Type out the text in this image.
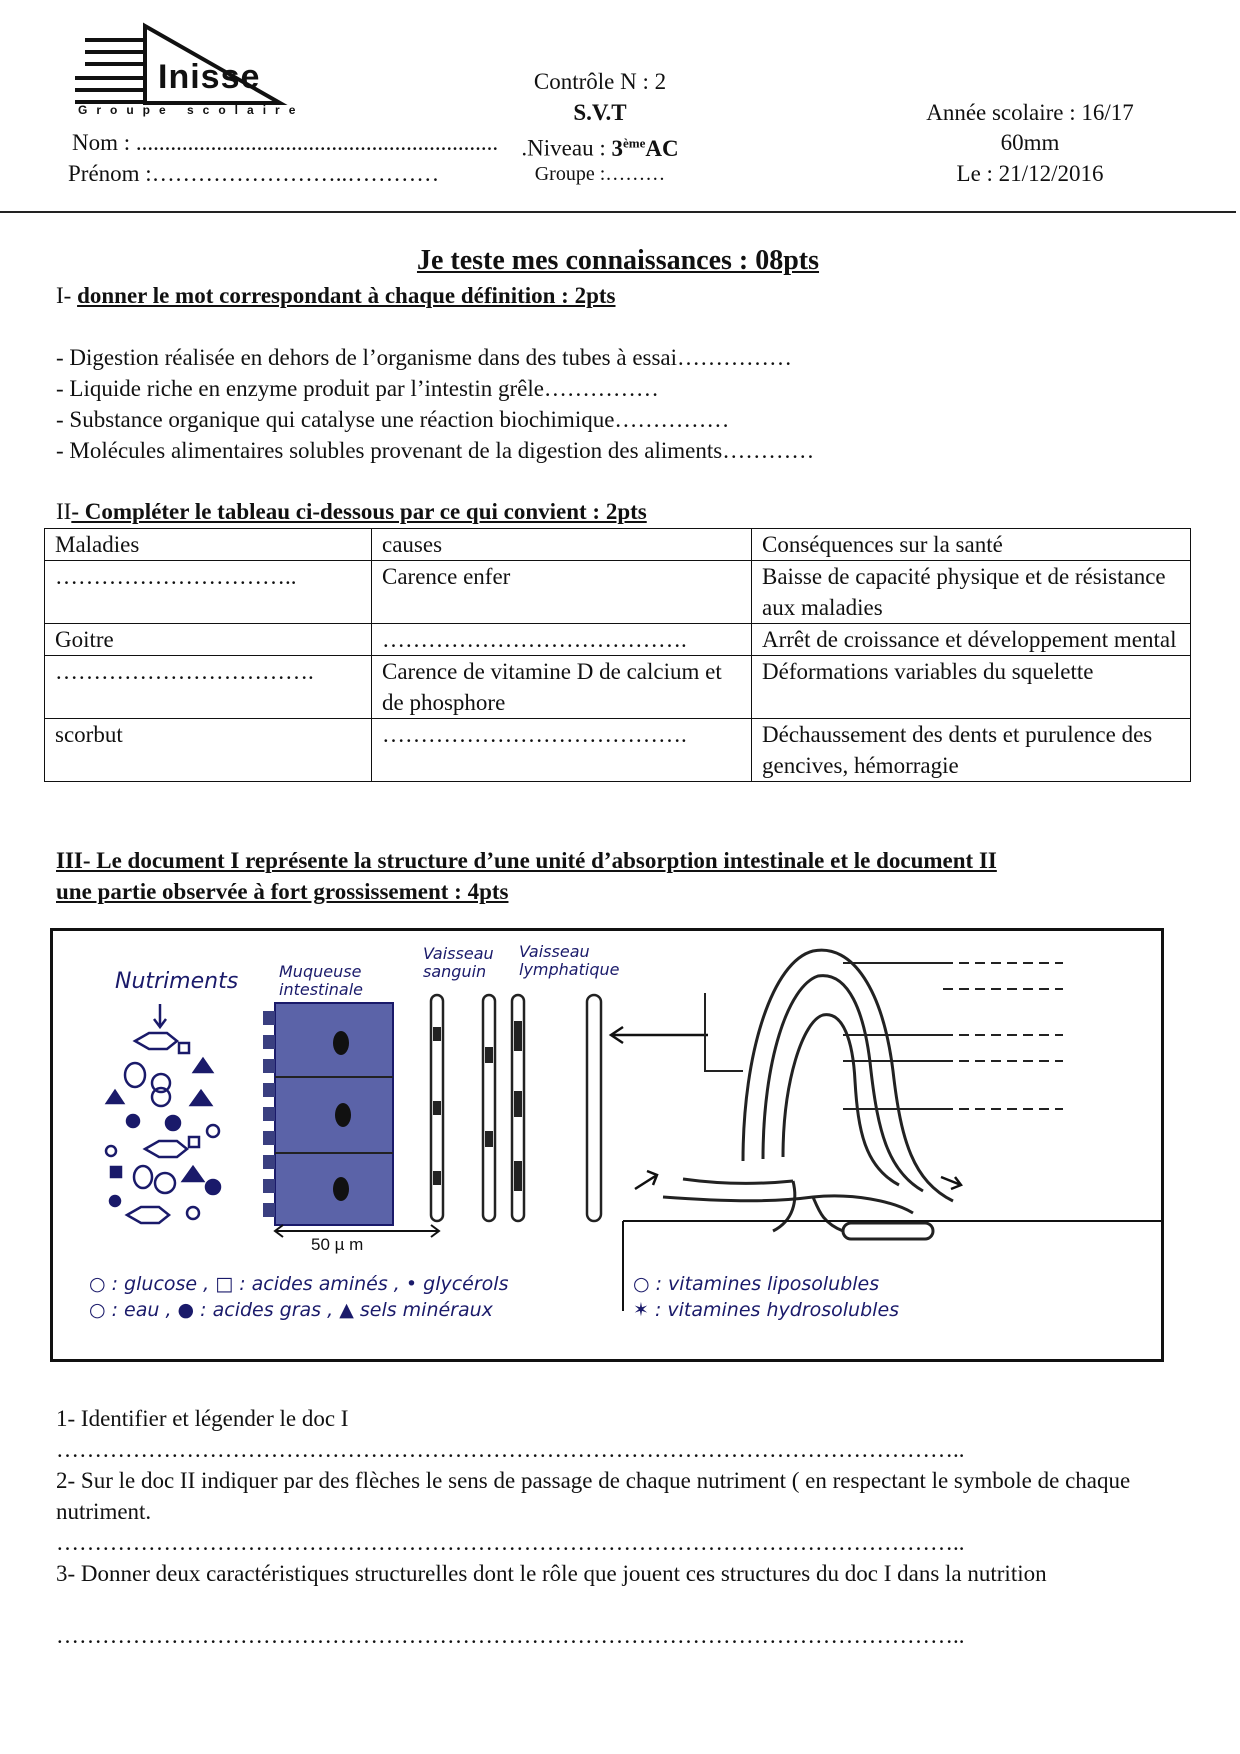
Inisse
Groupe scolaire
Nom : ...............................................................
Prénom :……………………..…………
Contrôle N : 2
S.V.T
.Niveau : 3èmeAC
Groupe :………
Année scolaire : 16/17
60mm
Le : 21/12/2016
Je teste mes connaissances : 08pts
I- donner le mot correspondant à chaque définition : 2pts
- Digestion réalisée en dehors de l’organisme dans des tubes à essai……………
- Liquide riche en enzyme produit par l’intestin grêle……………
- Substance organique qui catalyse une réaction biochimique……………
- Molécules alimentaires solubles provenant de la digestion des aliments…………
II- Compléter le tableau ci-dessous par ce qui convient : 2pts
Maladies	causes	Conséquences sur la santé
…………………………..	Carence enfer	Baisse de capacité physique et de résistance aux maladies
Goitre	………………………………….	Arrêt de croissance et développement mental
…………………………….	Carence de vitamine D de calcium et de phosphore	Déformations variables du squelette
scorbut	………………………………….	Déchaussement des dents et purulence des gencives, hémorragie
III- Le document I représente la structure d’une unité d’absorption intestinale et le document II
une partie observée à fort grossissement : 4pts
Nutriments	Muqueuse intestinale
Vaisseau sanguin
Vaisseau lymphatique
50 µ m
○ : glucose , □ : acides aminés , • glycérols
○ : eau , ● : acides gras , ▲ sels minéraux
○ : vitamines liposolubles
✶ : vitamines hydrosolubles
1- Identifier et légender le doc I
………………………………………………………………………………………………………..
2- Sur le doc II indiquer par des flèches le sens de passage de chaque nutriment ( en respectant le symbole de chaque nutriment.
………………………………………………………………………………………………………..
3- Donner deux caractéristiques structurelles dont le rôle que jouent ces structures du doc I dans la nutrition
………………………………………………………………………………………………………..
